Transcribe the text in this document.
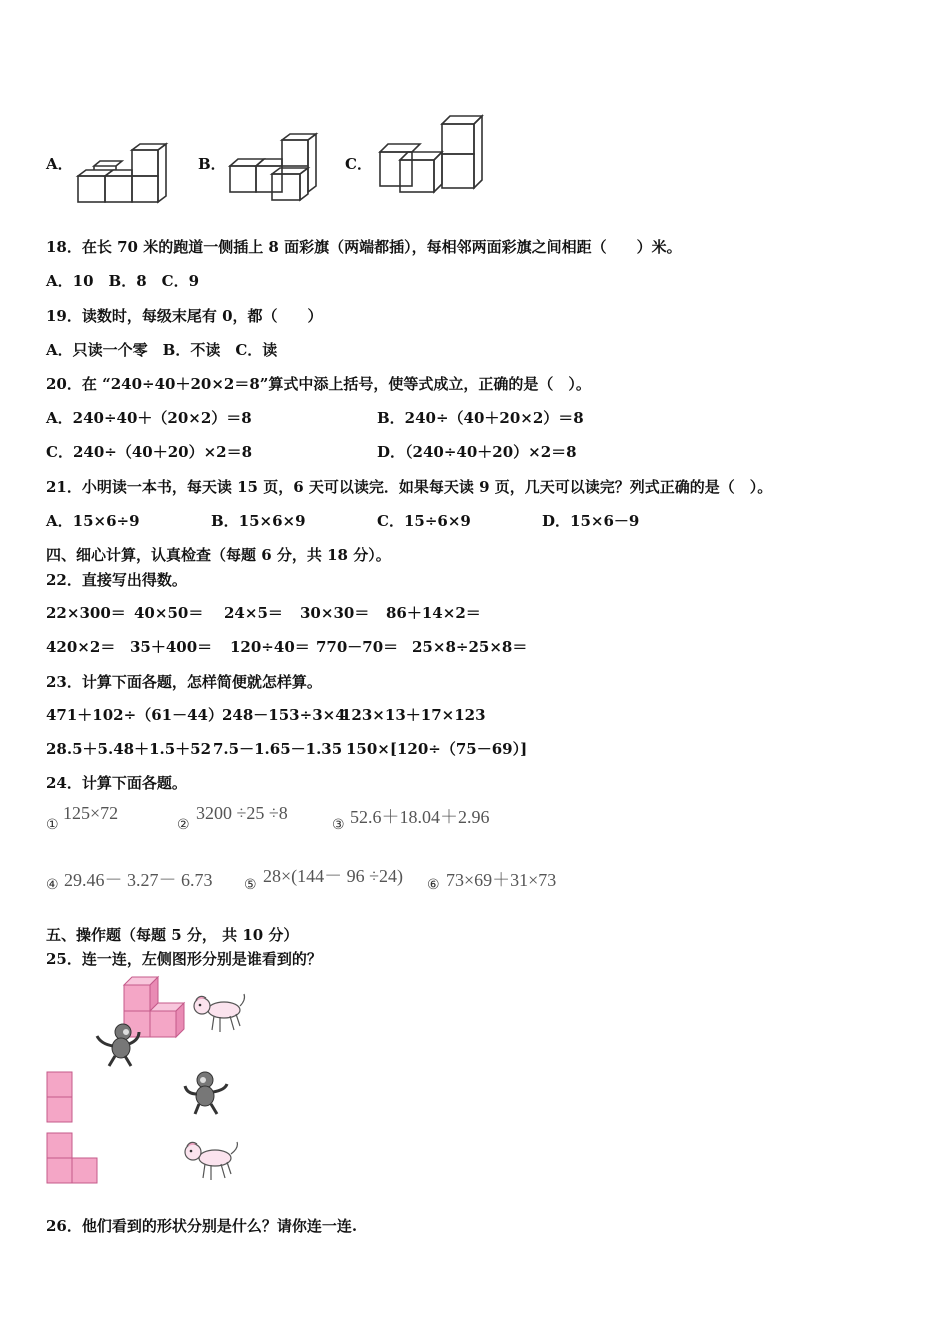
A．	B．	C．
18．在长 70 米的跑道一侧插上 8 面彩旗（两端都插），每相邻两面彩旗之间相距（　　）米。
A．10　B．8　C．9
19．读数时，每级末尾有 0，都（　　）
A．只读一个零　B．不读　C．读
20．在 “240÷40＋20×2＝8”算式中添上括号，使等式成立，正确的是（　）。
A．240÷40＋（20×2）＝8	B．240÷（40＋20×2）＝8
C．240÷（40＋20）×2＝8	D．（240÷40＋20）×2＝8
21．小明读一本书，每天读 15 页，6 天可以读完．如果每天读 9 页，几天可以读完？列式正确的是（　）。
A．15×6÷9	B．15×6×9	C．15÷6×9	D．15×6－9
四、细心计算，认真检查（每题 6 分，共 18 分）。
22．直接写出得数。
22×300＝ 40×50＝ 24×5＝ 30×30＝ 86＋14×2＝
420×2＝ 35＋400＝ 120÷40＝ 770－70＝ 25×8÷25×8＝
23．计算下面各题，怎样简便就怎样算。
471＋102÷（61－44） 248－153÷3×4
123×13＋17×123
28.5＋5.48＋1.5＋52 7.5－1.65－1.35 150×[120÷（75－69）]
24．计算下面各题。
①
125×72
②
3200 ÷25 ÷8
③ 52.6＋18.04＋2.96
④ 29.46－ 3.27－ 6.73 ⑤ 28×(144－ 96 ÷24) ⑥ 73×69＋31×73
五、操作题（每题 5 分， 共 10 分）
25．连一连，左侧图形分别是谁看到的？
26．他们看到的形状分别是什么？请你连一连.
